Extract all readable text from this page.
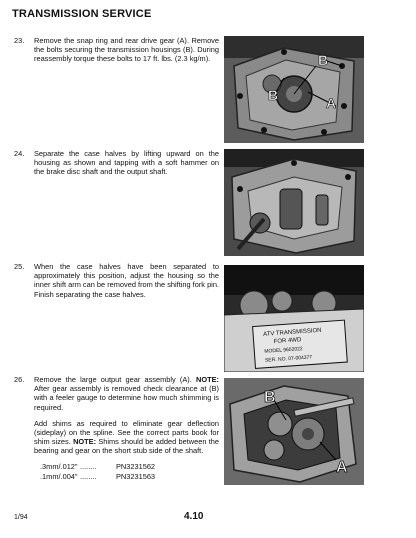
TRANSMISSION SERVICE
23. Remove the snap ring and rear drive gear (A). Remove the bolts securing the transmission housings (B). During reassembly torque these bolts to 17 ft. lbs. (2.3 kg/m).

24. Separate the case halves by lifting upward on the housing as shown and tapping with a soft hammer on the brake disc shaft and the output shaft.

25. When the case halves have been separated to approximately this position, adjust the housing so the inner shift arm can be removed from the shifting fork pin. Finish separating the case halves.

26. Remove the large output gear assembly (A). NOTE: After gear assembly is removed check clearance at (B) with a feeler gauge to determine how much shimming is required.

Add shims as required to eliminate gear deflection (sideplay) on the spline. See the correct parts book for shim sizes. NOTE: Shims should be added between the bearing and gear on the short stub side of the shaft.

.3mm/.012" ........	PN3231562
.1mm/.004" ........	PN3231563
B
B	A
ATV TRANSMISSION
FOR 4WD
MODEL 9602022
SER. NO. 07-004377
B
A
1/94	4.10
